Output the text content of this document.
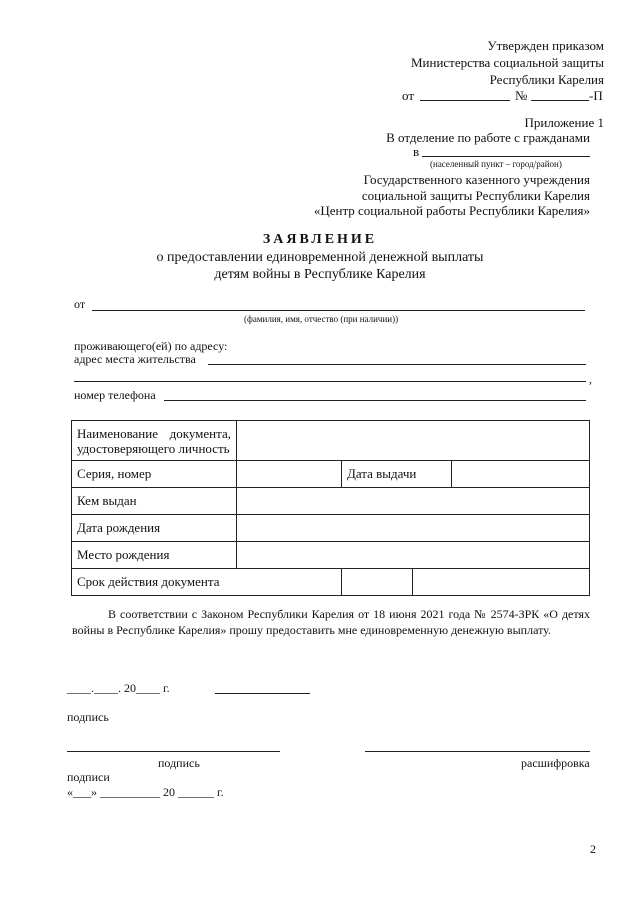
Утвержден приказом
Министерства социальной защиты
Республики Карелия
от	№	-П
Приложение 1
В отделение по работе с гражданами
в
(населенный пункт – город/район)
Государственного казенного учреждения
социальной защиты Республики Карелия
«Центр социальной работы Республики Карелия»
ЗАЯВЛЕНИЕ
о предоставлении единовременной денежной выплаты
детям войны в Республике Карелия
от
(фамилия, имя, отчество (при наличии))
проживающего(ей) по адресу:
адрес места жительства
,
номер телефона
Наименование документа, удостоверяющего личность			
Серия, номер		Дата выдачи	
Кем выдан			
Дата рождения			
Место рождения			
Срок действия документа			
В соответствии с Законом Республики Карелия от 18 июня 2021 года № 2574-ЗРК «О детях войны в Республике Карелия» прошу предоставить мне единовременную денежную выплату.
____.____. 20____ г.
подпись
подпись	расшифровка
подписи
«___» __________ 20 ______ г.
2
